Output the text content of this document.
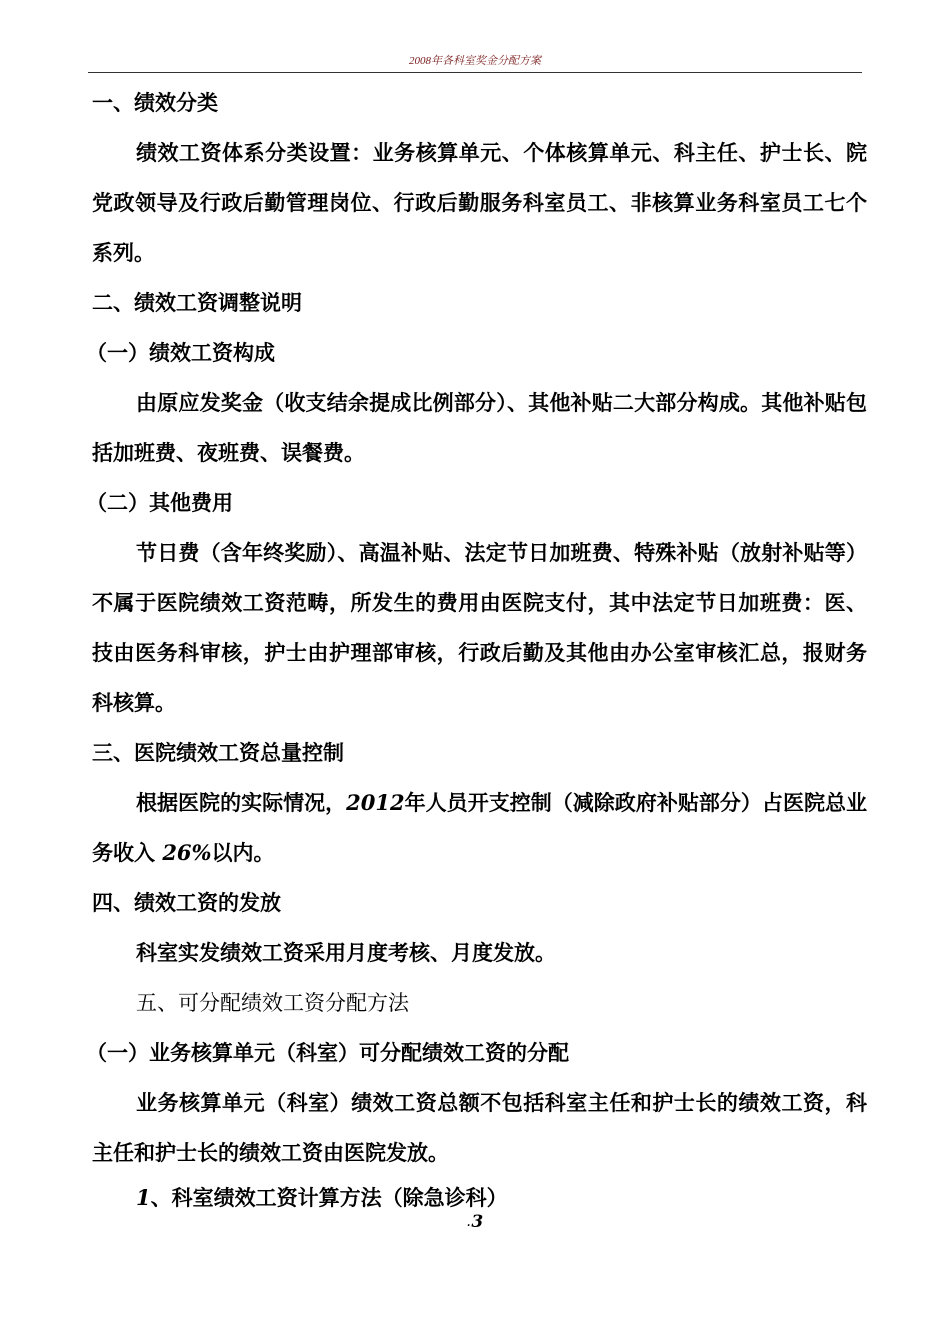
2008年各科室奖金分配方案

一、绩效分类

绩效工资体系分类设置：业务核算单元、个体核算单元、科主任、护士长、院党政领导及行政后勤管理岗位、行政后勤服务科室员工、非核算业务科室员工七个系列。

二、绩效工资调整说明

（一）绩效工资构成

由原应发奖金（收支结余提成比例部分）、其他补贴二大部分构成。其他补贴包括加班费、夜班费、误餐费。

（二）其他费用

节日费（含年终奖励）、高温补贴、法定节日加班费、特殊补贴（放射补贴等）不属于医院绩效工资范畴，所发生的费用由医院支付，其中法定节日加班费：医、技由医务科审核，护士由护理部审核，行政后勤及其他由办公室审核汇总，报财务科核算。

三、医院绩效工资总量控制

根据医院的实际情况，2012年人员开支控制（减除政府补贴部分）占医院总业务收入 26%以内。

四、绩效工资的发放

科室实发绩效工资采用月度考核、月度发放。

五、可分配绩效工资分配方法

（一）业务核算单元（科室）可分配绩效工资的分配

业务核算单元（科室）绩效工资总额不包括科室主任和护士长的绩效工资，科主任和护士长的绩效工资由医院发放。

1、科室绩效工资计算方法（除急诊科）

.3
